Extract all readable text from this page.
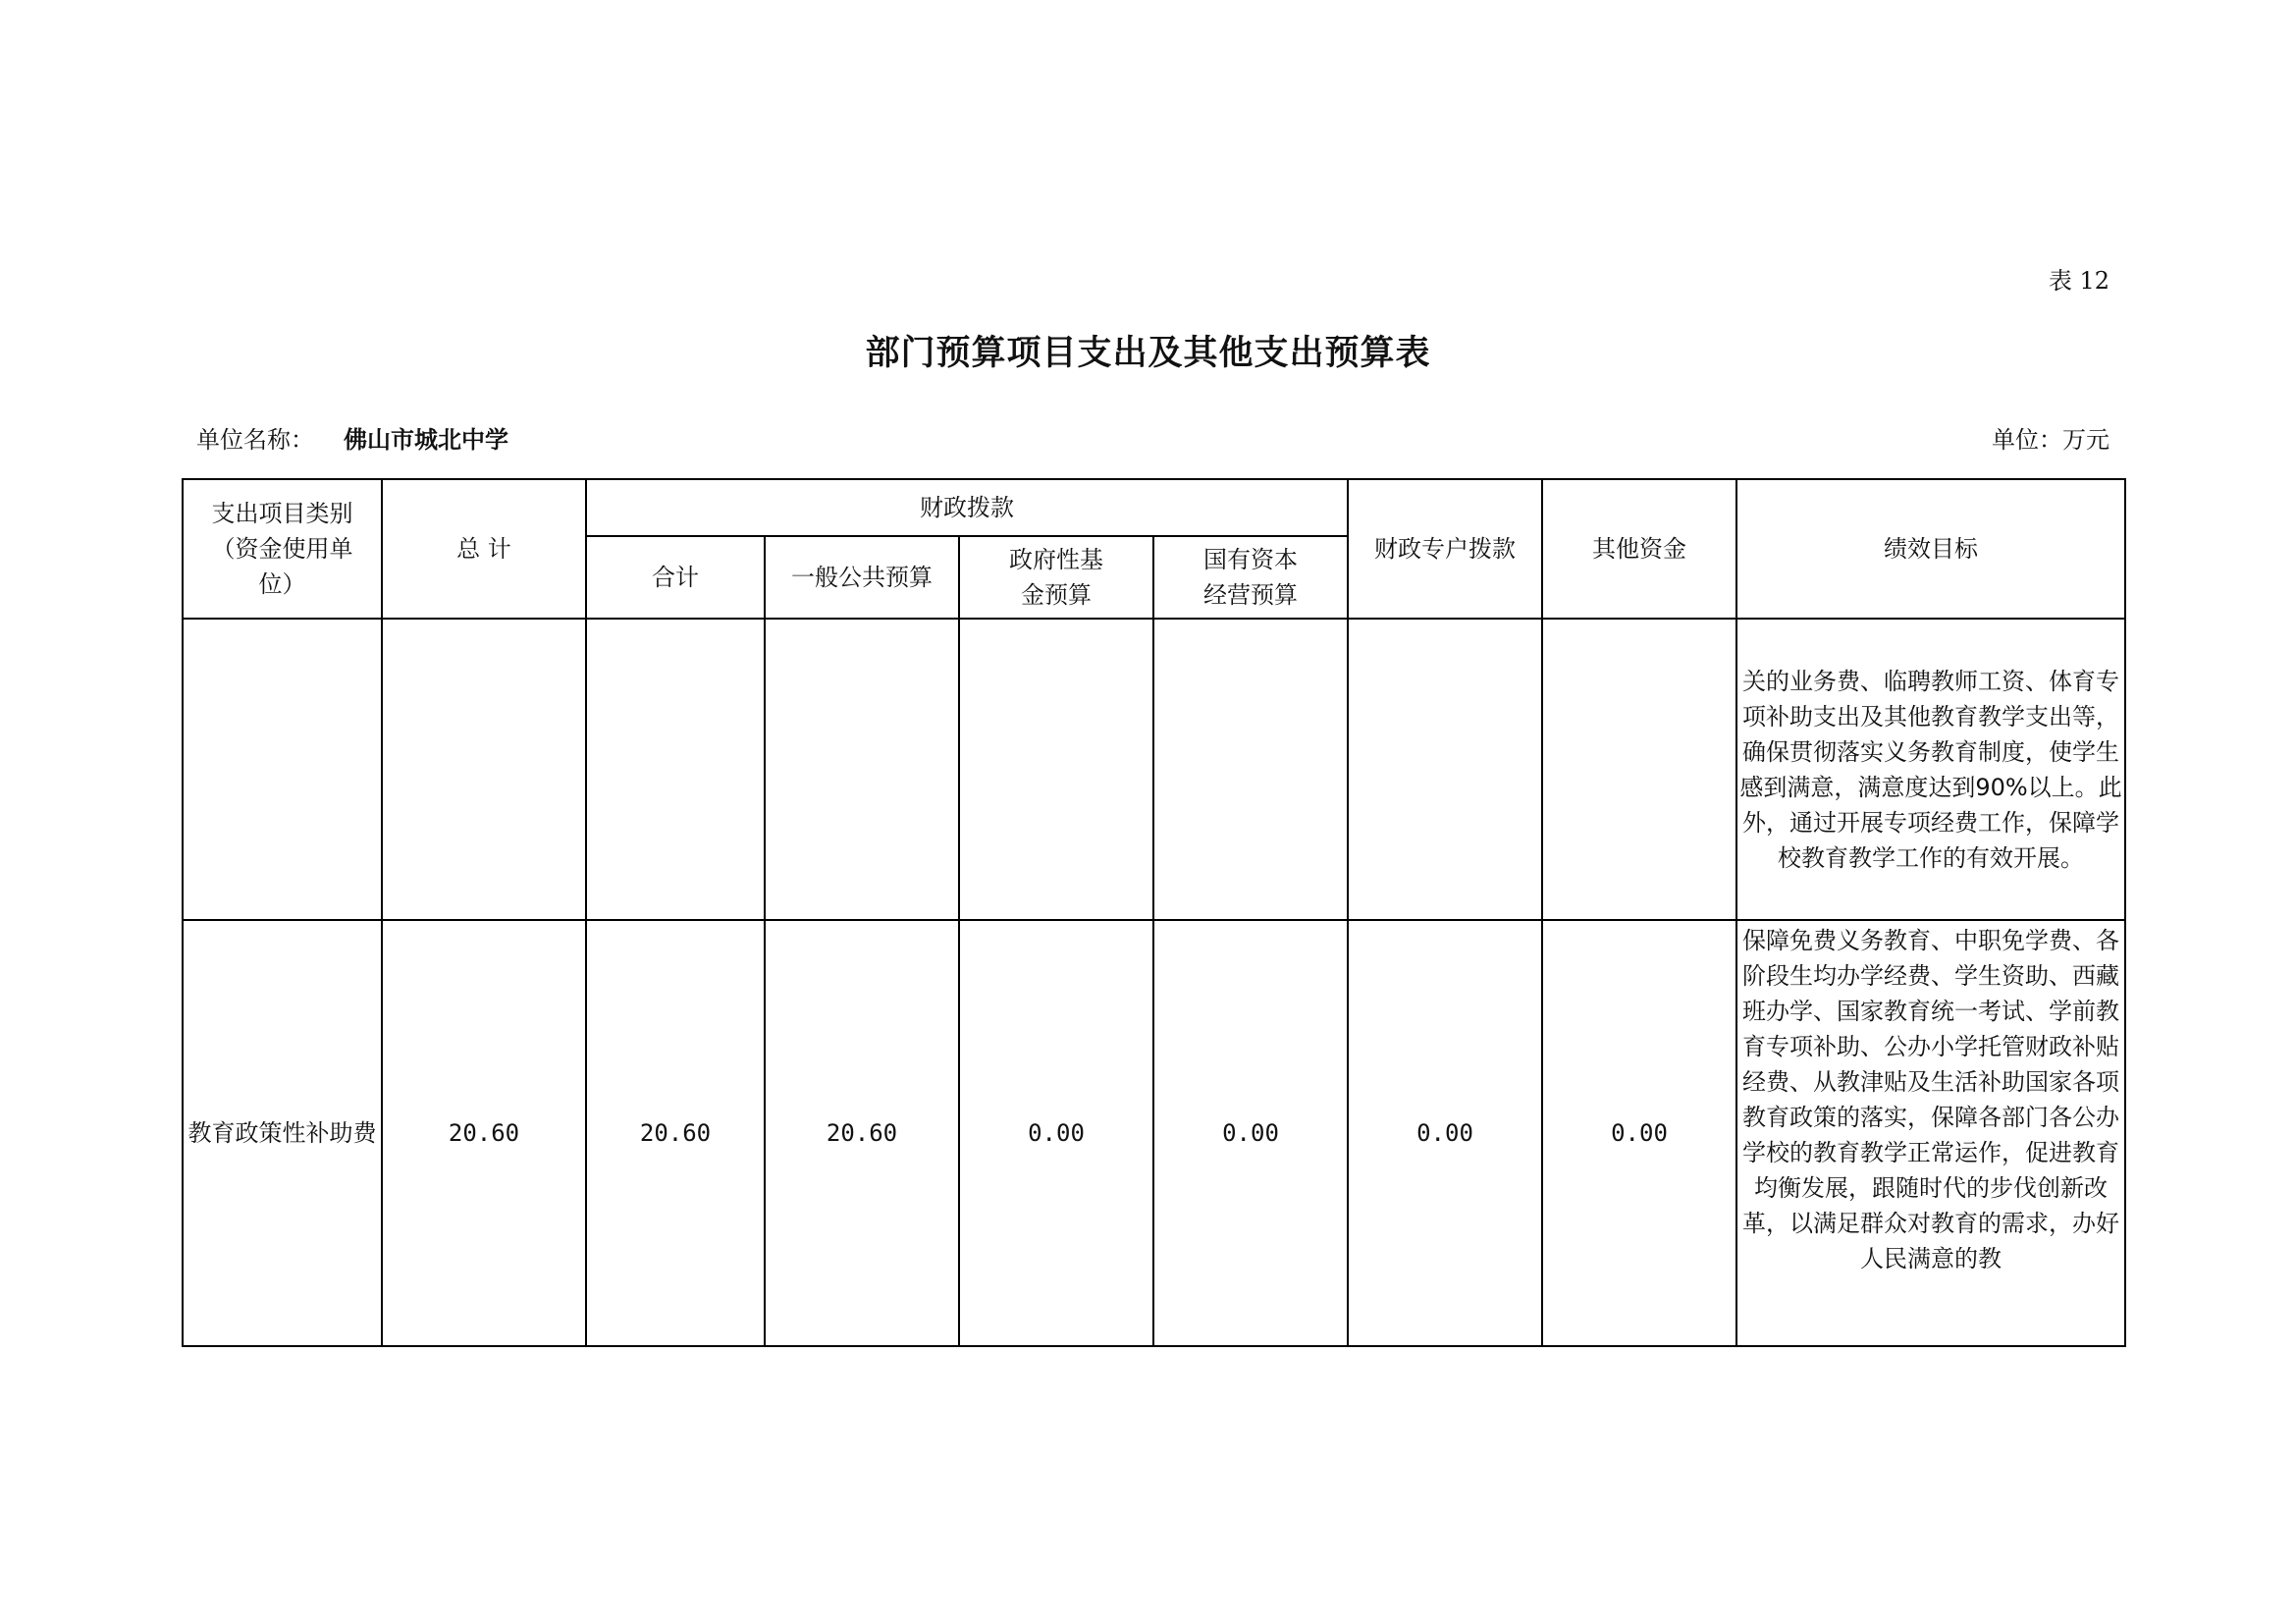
表 12
部门预算项目支出及其他支出预算表
单位名称： 佛山市城北中学	单位：万元
支出项目类别（资金使用单位）	总 计	财政拨款				财政专户拨款	其他资金	绩效目标
		合计	一般公共预算	政府性基金预算	国有资本经营预算			
								关的业务费、临聘教师工资、体育专项补助支出及其他教育教学支出等，确保贯彻落实义务教育制度，使学生感到满意，满意度达到90%以上。此外，通过开展专项经费工作，保障学校教育教学工作的有效开展。
教育政策性补助费	20.60	20.60	20.60	0.00	0.00	0.00	0.00	保障免费义务教育、中职免学费、各阶段生均办学经费、学生资助、西藏班办学、国家教育统一考试、学前教育专项补助、公办小学托管财政补贴经费、从教津贴及生活补助国家各项教育政策的落实，保障各部门各公办学校的教育教学正常运作，促进教育均衡发展，跟随时代的步伐创新改革，以满足群众对教育的需求，办好人民满意的教
